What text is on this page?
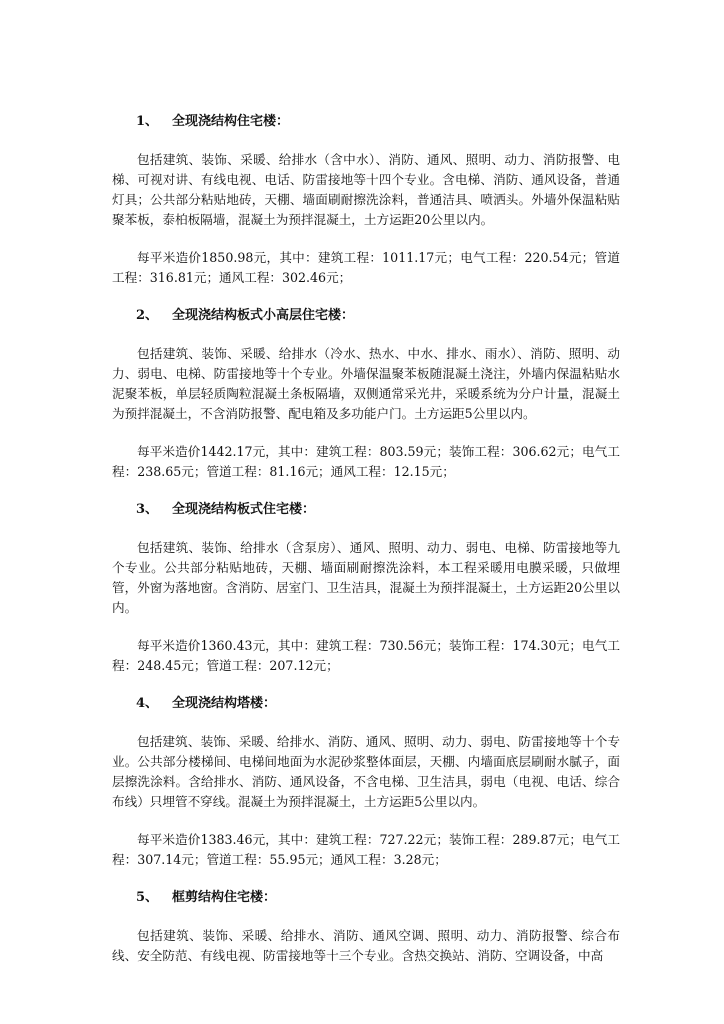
1、 全现浇结构住宅楼：

包括建筑、装饰、采暖、给排水（含中水）、消防、通风、照明、动力、消防报警、电梯、可视对讲、有线电视、电话、防雷接地等十四个专业。含电梯、消防、通风设备，普通灯具；公共部分粘贴地砖，天棚、墙面刷耐擦洗涂料，普通洁具、喷洒头。外墙外保温粘贴聚苯板，泰柏板隔墙，混凝土为预拌混凝土，土方运距20公里以内。

每平米造价1850.98元，其中：建筑工程：1011.17元；电气工程：220.54元；管道工程：316.81元；通风工程：302.46元；

2、 全现浇结构板式小高层住宅楼：

包括建筑、装饰、采暖、给排水（冷水、热水、中水、排水、雨水）、消防、照明、动力、弱电、电梯、防雷接地等十个专业。外墙保温聚苯板随混凝土浇注，外墙内保温粘贴水泥聚苯板，单层轻质陶粒混凝土条板隔墙，双侧通常采光井，采暖系统为分户计量，混凝土为预拌混凝土，不含消防报警、配电箱及多功能户门。土方运距5公里以内。

每平米造价1442.17元，其中：建筑工程：803.59元；装饰工程：306.62元；电气工程：238.65元；管道工程：81.16元；通风工程：12.15元；

3、 全现浇结构板式住宅楼：

包括建筑、装饰、给排水（含泵房）、通风、照明、动力、弱电、电梯、防雷接地等九个专业。公共部分粘贴地砖，天棚、墙面刷耐擦洗涂料，本工程采暖用电膜采暖，只做埋管，外窗为落地窗。含消防、居室门、卫生洁具，混凝土为预拌混凝土，土方运距20公里以内。

每平米造价1360.43元，其中：建筑工程：730.56元；装饰工程：174.30元；电气工程：248.45元；管道工程：207.12元；

4、 全现浇结构塔楼：

包括建筑、装饰、采暖、给排水、消防、通风、照明、动力、弱电、防雷接地等十个专业。公共部分楼梯间、电梯间地面为水泥砂浆整体面层，天棚、内墙面底层刷耐水腻子，面层擦洗涂料。含给排水、消防、通风设备，不含电梯、卫生洁具，弱电（电视、电话、综合布线）只埋管不穿线。混凝土为预拌混凝土，土方运距5公里以内。

每平米造价1383.46元，其中：建筑工程：727.22元；装饰工程：289.87元；电气工程：307.14元；管道工程：55.95元；通风工程：3.28元；

5、 框剪结构住宅楼：

包括建筑、装饰、采暖、给排水、消防、通风空调、照明、动力、消防报警、综合布线、安全防范、有线电视、防雷接地等十三个专业。含热交换站、消防、空调设备，中高
